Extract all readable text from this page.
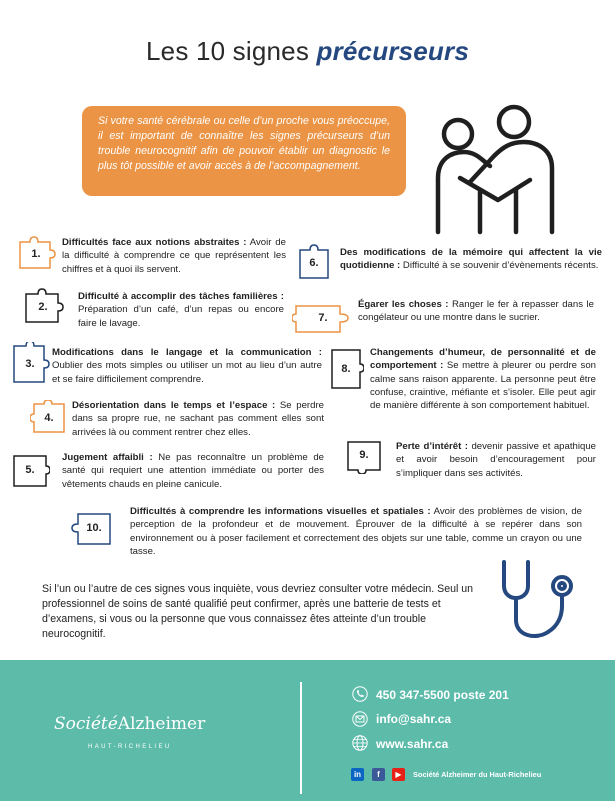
Les 10 signes précurseurs
Si votre santé cérébrale ou celle d’un proche vous préoccupe, il est important de connaître les signes précurseurs d’un trouble neurocognitif afin de pouvoir établir un diagnostic le plus tôt possible et avoir accès à de l’accompagnement.
1.
Difficultés face aux notions abstraites : Avoir de la difficulté à comprendre ce que représentent les chiffres et à quoi ils servent.
2.
Difficulté à accomplir des tâches familières : Préparation d’un café, d’un repas ou encore faire le lavage.
3.
Modifications dans le langage et la communication : Oublier des mots simples ou utiliser un mot au lieu d’un autre et se faire difficilement comprendre.
4.
Désorientation dans le temps et l’espace : Se perdre dans sa propre rue, ne sachant pas comment elles sont arrivées là ou comment rentrer chez elles.
5.
Jugement affaibli : Ne pas reconnaître un problème de santé qui requiert une attention immédiate ou porter des vêtements chauds en pleine canicule.
6.
Des modifications de la mémoire qui affectent la vie quotidienne : Difficulté à se souvenir d’évènements récents.
7.
Égarer les choses : Ranger le fer à repasser dans le congélateur ou une montre dans le sucrier.
8.
Changements d’humeur, de personnalité et de comportement : Se mettre à pleurer ou perdre son calme sans raison apparente. La personne peut être confuse, craintive, méfiante et s’isoler. Elle peut agir de manière différente à son comportement habituel.
9.
Perte d’intérêt : devenir passive et apathique et avoir besoin d’encouragement pour s’impliquer dans ses activités.
10.
Difficultés à comprendre les informations visuelles et spatiales : Avoir des problèmes de vision, de perception de la profondeur et de mouvement. Éprouver de la difficulté à se repérer dans son environnement ou à poser facilement et correctement des objets sur une table, comme un crayon ou une tasse.
Si l’un ou l’autre de ces signes vous inquiète, vous devriez consulter votre médecin. Seul un professionnel de soins de santé qualifié peut confirmer, après une batterie de tests et d’examens, si vous ou la personne que vous connaissez êtes atteinte d’un trouble neurocognitif.
SociétéAlzheimer
HAUT-RICHELIEU
450 347-5500 poste 201
info@sahr.ca
www.sahr.ca
in	f	▶	Société Alzheimer du Haut-Richelieu
